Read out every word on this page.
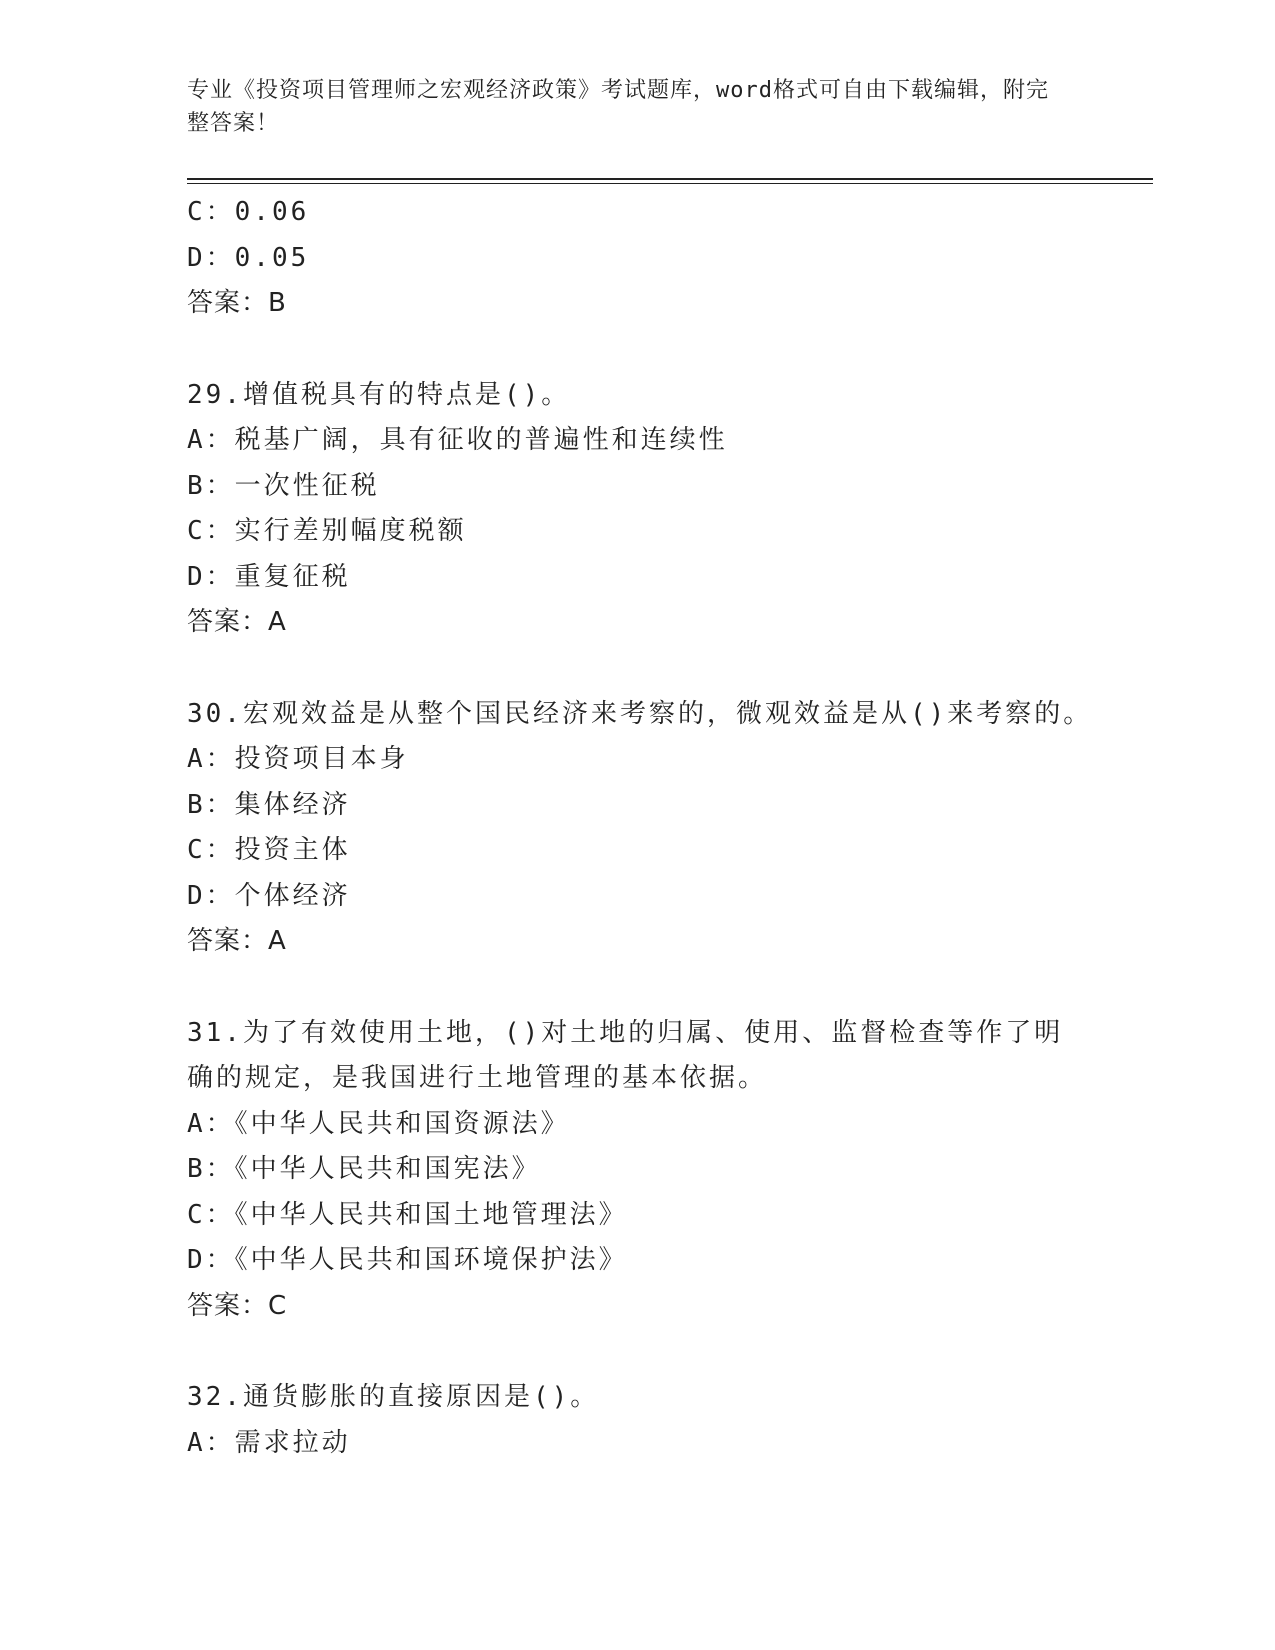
专业《投资项目管理师之宏观经济政策》考试题库，word格式可自由下载编辑，附完整答案！
C：0.06
D：0.05
答案：B
29.增值税具有的特点是()。
A：税基广阔，具有征收的普遍性和连续性
B：一次性征税
C：实行差别幅度税额
D：重复征税
答案：A
30.宏观效益是从整个国民经济来考察的，微观效益是从()来考察的。
A：投资项目本身
B：集体经济
C：投资主体
D：个体经济
答案：A
31.为了有效使用土地，()对土地的归属、使用、监督检查等作了明确的规定，是我国进行土地管理的基本依据。
A：《中华人民共和国资源法》
B：《中华人民共和国宪法》
C：《中华人民共和国土地管理法》
D：《中华人民共和国环境保护法》
答案：C
32.通货膨胀的直接原因是()。
A：需求拉动
